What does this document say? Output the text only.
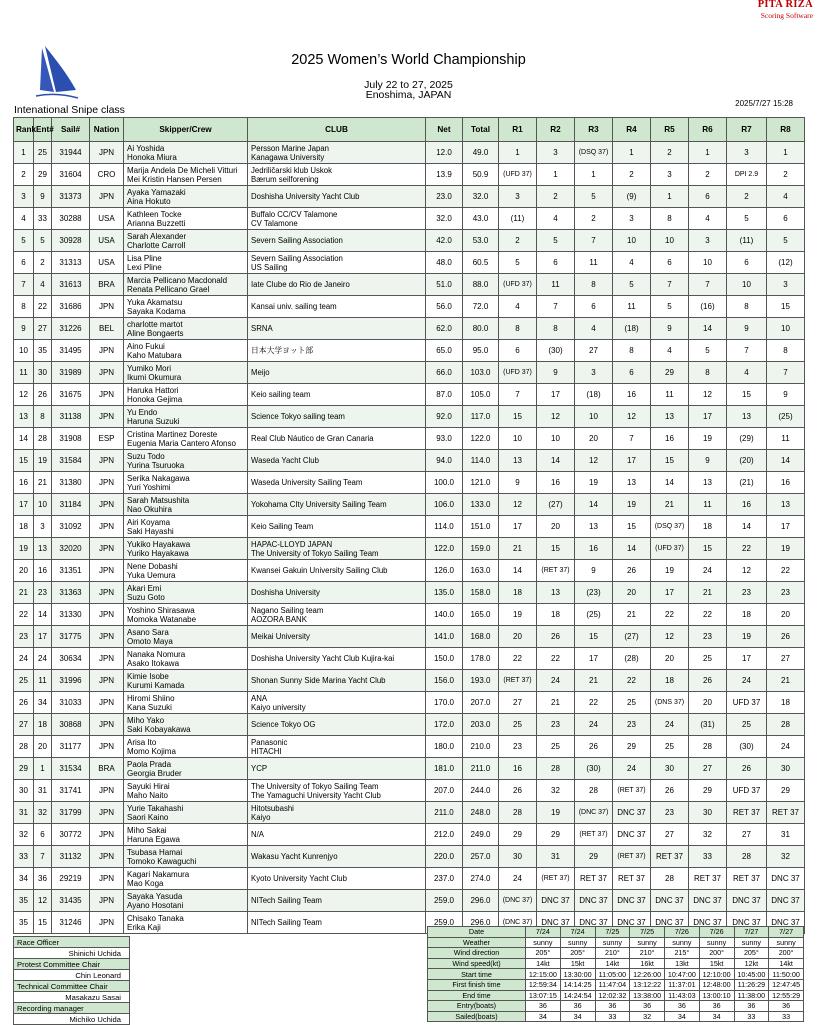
PITA RIZA
Scoring Software
2025 Women’s World Championship
July 22 to 27, 2025
Enoshima, JAPAN
Intenational Snipe class
2025/7/27 15:28
Rank	Ent#	Sail#	Nation	Skipper/Crew	CLUB	Net	Total	R1	R2	R3	R4	R5	R6	R7	R8
1	25	31944	JPN	Ai Yoshida
Honoka Miura	Persson Marine Japan
Kanagawa University	12.0	49.0	1	3	(DSQ 37)	1	2	1	3	1
2	29	31604	CRO	Marija Andela De Micheli Vitturi
Mei Kristin Hansen Persen	Jedriličarski klub Uskok
Bærum seilforening	13.9	50.9	(UFD 37)	1	1	2	3	2	DPI 2.9	2
3	9	31373	JPN	Ayaka Yamazaki
Aina Hokuto	Doshisha University Yacht Club	23.0	32.0	3	2	5	(9)	1	6	2	4
4	33	30288	USA	Kathleen Tocke
Arianna Buzzetti	Buffalo CC/CV Talamone
CV Talamone	32.0	43.0	(11)	4	2	3	8	4	5	6
5	5	30928	USA	Sarah Alexander
Charlotte Carroll	Severn Sailing Association	42.0	53.0	2	5	7	10	10	3	(11)	5
6	2	31313	USA	Lisa Pline
Lexi Pline	Severn Sailing Association
US Sailing	48.0	60.5	5	6	11	4	6	10	6	(12)
7	4	31613	BRA	Marcia Pellicano Macdonald
Renata Pellicano Grael	Iate Clube do Rio de Janeiro	51.0	88.0	(UFD 37)	11	8	5	7	7	10	3
8	22	31686	JPN	Yuka Akamatsu
Sayaka Kodama	Kansai univ. sailing team	56.0	72.0	4	7	6	11	5	(16)	8	15
9	27	31226	BEL	charlotte martot
Aline Bongaerts	SRNA	62.0	80.0	8	8	4	(18)	9	14	9	10
10	35	31495	JPN	Aino Fukui
Kaho Matubara	日本大学ヨット部	65.0	95.0	6	(30)	27	8	4	5	7	8
11	30	31989	JPN	Yumiko Mori
Ikumi Okumura	Meijo	66.0	103.0	(UFD 37)	9	3	6	29	8	4	7
12	26	31675	JPN	Haruka Hattori
Honoka Gejima	Keio sailing team	87.0	105.0	7	17	(18)	16	11	12	15	9
13	8	31138	JPN	Yu Endo
Haruna Suzuki	Science Tokyo sailing team	92.0	117.0	15	12	10	12	13	17	13	(25)
14	28	31908	ESP	Cristina Martinez Doreste
Eugenia Maria Cantero Afonso	Real Club Náutico de Gran Canaria	93.0	122.0	10	10	20	7	16	19	(29)	11
15	19	31584	JPN	Suzu Todo
Yurina Tsuruoka	Waseda Yacht Club	94.0	114.0	13	14	12	17	15	9	(20)	14
16	21	31380	JPN	Serika Nakagawa
Yuri Yoshimi	Waseda University Sailing Team	100.0	121.0	9	16	19	13	14	13	(21)	16
17	10	31184	JPN	Sarah Matsushita
Nao Okuhira	Yokohama CIty University Sailing Team	106.0	133.0	12	(27)	14	19	21	11	16	13
18	3	31092	JPN	Airi Koyama
Saki Hayashi	Keio Sailing Team	114.0	151.0	17	20	13	15	(DSQ 37)	18	14	17
19	13	32020	JPN	Yukiko Hayakawa
Yuriko Hayakawa	HAPAC-LLOYD JAPAN
The University of Tokyo Sailing Team	122.0	159.0	21	15	16	14	(UFD 37)	15	22	19
20	16	31351	JPN	Nene Dobashi
Yuka Uemura	Kwansei Gakuin University Sailing Club	126.0	163.0	14	(RET 37)	9	26	19	24	12	22
21	23	31363	JPN	Akari Emi
Suzu Goto	Doshisha University	135.0	158.0	18	13	(23)	20	17	21	23	23
22	14	31330	JPN	Yoshino Shirasawa
Momoka Watanabe	Nagano Sailing team
AOZORA BANK	140.0	165.0	19	18	(25)	21	22	22	18	20
23	17	31775	JPN	Asano Sara
Omoto Maya	Meikai University	141.0	168.0	20	26	15	(27)	12	23	19	26
24	24	30634	JPN	Nanaka Nomura
Asako Itokawa	Doshisha University Yacht Club Kujira-kai	150.0	178.0	22	22	17	(28)	20	25	17	27
25	11	31996	JPN	Kimie Isobe
Kurumi Kamada	Shonan Sunny Side Marina Yacht Club	156.0	193.0	(RET 37)	24	21	22	18	26	24	21
26	34	31033	JPN	Hiromi Shiino
Kana Suzuki	ANA
Kaiyo university	170.0	207.0	27	21	22	25	(DNS 37)	20	UFD 37	18
27	18	30868	JPN	Miho Yako
Saki Kobayakawa	Science Tokyo OG	172.0	203.0	25	23	24	23	24	(31)	25	28
28	20	31177	JPN	Arisa Ito
Momo Kojima	Panasonic
HITACHI	180.0	210.0	23	25	26	29	25	28	(30)	24
29	1	31534	BRA	Paola Prada
Georgia Bruder	YCP	181.0	211.0	16	28	(30)	24	30	27	26	30
30	31	31741	JPN	Sayuki Hirai
Maho Naito	The University of Tokyo Sailing Team
The Yamaguchi University Yacht Club	207.0	244.0	26	32	28	(RET 37)	26	29	UFD 37	29
31	32	31799	JPN	Yurie Takahashi
Saori Kaino	Hitotsubashi
Kaiyo	211.0	248.0	28	19	(DNC 37)	DNC 37	23	30	RET 37	RET 37
32	6	30772	JPN	Miho Sakai
Haruna Egawa	N/A	212.0	249.0	29	29	(RET 37)	DNC 37	27	32	27	31
33	7	31132	JPN	Tsubasa Hamai
Tomoko Kawaguchi	Wakasu Yacht Kunrenjyo	220.0	257.0	30	31	29	(RET 37)	RET 37	33	28	32
34	36	29219	JPN	Kagari Nakamura
Mao Koga	Kyoto University Yacht Club	237.0	274.0	24	(RET 37)	RET 37	RET 37	28	RET 37	RET 37	DNC 37
35	12	31435	JPN	Sayaka Yasuda
Ayano Hosotani	NITech Sailing Team	259.0	296.0	(DNC 37)	DNC 37	DNC 37	DNC 37	DNC 37	DNC 37	DNC 37	DNC 37
35	15	31246	JPN	Chisako Tanaka
Erika Kaji	NITech Sailing Team	259.0	296.0	(DNC 37)	DNC 37	DNC 37	DNC 37	DNC 37	DNC 37	DNC 37	DNC 37
Race Officer
Shinichi Uchida
Protest Committee Chair
Chin Leonard
Technical Committee Chair
Masakazu Sasai
Recording manager
Michiko Uchida
Date	7/24	7/24	7/25	7/25	7/26	7/26	7/27	7/27
Weather	sunny	sunny	sunny	sunny	sunny	sunny	sunny	sunny
Wind direction	205°	205°	210°	210°	215°	200°	205°	200°
Wind speed(kt)	14kt	15kt	14kt	16kt	13kt	15kt	12kt	14kt
Start time	12:15:00	13:30:00	11:05:00	12:26:00	10:47:00	12:10:00	10:45:00	11:50:00
First finish time	12:59:34	14:14:25	11:47:04	13:12:22	11:37:01	12:48:00	11:26:29	12:47:45
End time	13:07:15	14:24:54	12:02:32	13:38:00	11:43:03	13:00:10	11:38:00	12:55:29
Entry(boats)	36	36	36	36	36	36	36	36
Sailed(boats)	34	34	33	32	34	34	33	33
